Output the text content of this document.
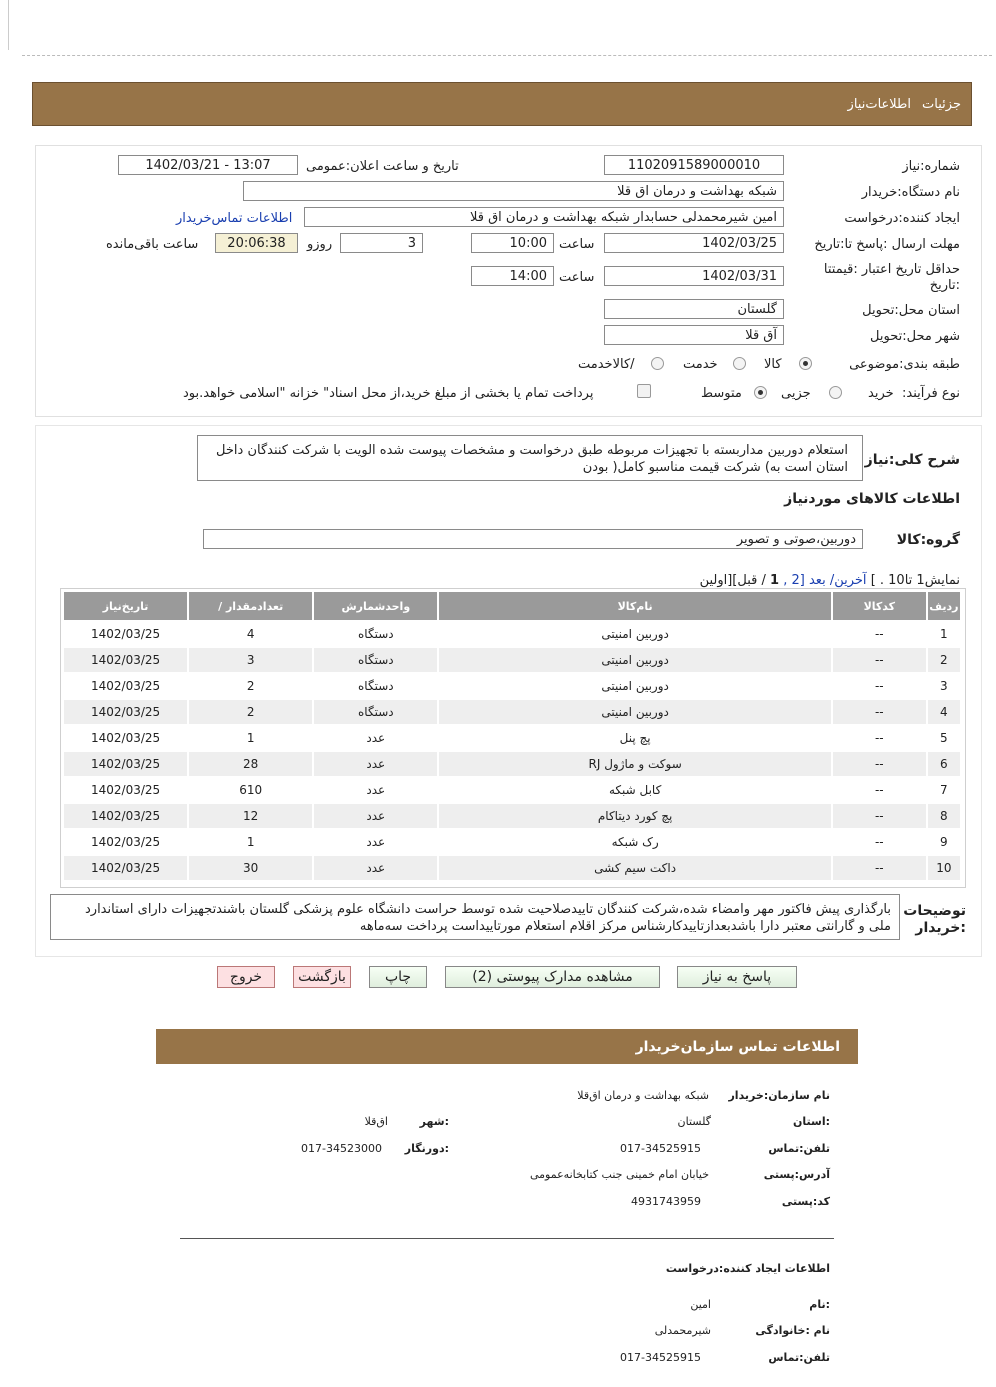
جزئیات
اطلاعات‌نیاز
شماره:نیاز
1102091589000010
تاریخ و ساعت اعلان:عمومی
1402/03/21 - 13:07
نام دستگاه:خریدار
شبکه بهداشت و درمان اق قلا
ایجاد کننده:درخواست
امین شیرمحمدلی حسابدار شبکه بهداشت و درمان اق قلا
اطلاعات تماس‌خریدار
مهلت ارسال :پاسخ تا:تاریخ
1402/03/25
ساعت
10:00
3
روزو
20:06:38
ساعت باقی‌مانده
حداقل تاریخ اعتبار :قیمتتا
:تاریخ
1402/03/31
ساعت
14:00
استان محل:تحویل
گلستان
شهر محل:تحویل
آق قلا
طبقه بندی:موضوعی
کالا
خدمت
/کالاخدمت
نوع فرآیند:
خرید
جزیی
متوسط
پرداخت تمام یا بخشی از مبلغ خرید،از محل اسناد" خزانه "اسلامی خواهد.بود
شرح کلی:نیاز
استعلام دوربین مداربسته با تجهیزات مربوطه طبق درخواست و مشخصات پیوست شده الویت با شرکت کنندگان داخل استان است به) شرکت قیمت مناسبو کامل( بودن
اطلاعات کالاهای موردنیاز
گروه:کالا
دوربین،صوتی و تصویر
نمایش1 تا10 . ] آخرین/ بعد [2 , 1 / قبل][اولین
ردیف	کدکالا	نام‌کالا	واحدشمارش	تعدادمقدار /	تاریخ‌نیاز
1	--	دوربین امنیتی	دستگاه	4	1402/03/25
2	--	دوربین امنیتی	دستگاه	3	1402/03/25
3	--	دوربین امنیتی	دستگاه	2	1402/03/25
4	--	دوربین امنیتی	دستگاه	2	1402/03/25
5	--	پچ پنل	عدد	1	1402/03/25
6	--	سوکت و ماژول RJ	عدد	28	1402/03/25
7	--	کابل شبکه	عدد	610	1402/03/25
8	--	پچ کورد دیتاکام	عدد	12	1402/03/25
9	--	رک شبکه	عدد	1	1402/03/25
10	--	داکت سیم کشی	عدد	30	1402/03/25
توضیحات
:خریدار
بارگذاری پیش فاکتور مهر وامضاء شده،شرکت کنندگان تاییدصلاحیت شده توسط حراست دانشگاه علوم پزشکی گلستان باشندتجهیزات دارای استاندارد ملی و گارانتی معتبر دارا باشدبعدازتاییدکارشناس مرکز اقلام استعلام مورتاییداست پرداخت سه‌ماهه
پاسخ به نیاز
مشاهده مدارک پیوستی (2)
چاپ
بازگشت
خروج
اطلاعات تماس سازمان‌خریدار
نام سازمان:خریدار
شبکه بهداشت و درمان اق‌قلا
:استان
گلستان
:شهر
اق‌قلا
تلفن:تماس
017-34525915
:دورنگار
017-34523000
آدرس:پستی
خیابان امام خمینی جنب کتابخانه‌عمومی
کد:پستی
4931743959
اطلاعات ایجاد کننده:درخواست
:نام
امین
نام :خانوادگی
شیرمحمدلی
تلفن:تماس
017-34525915
